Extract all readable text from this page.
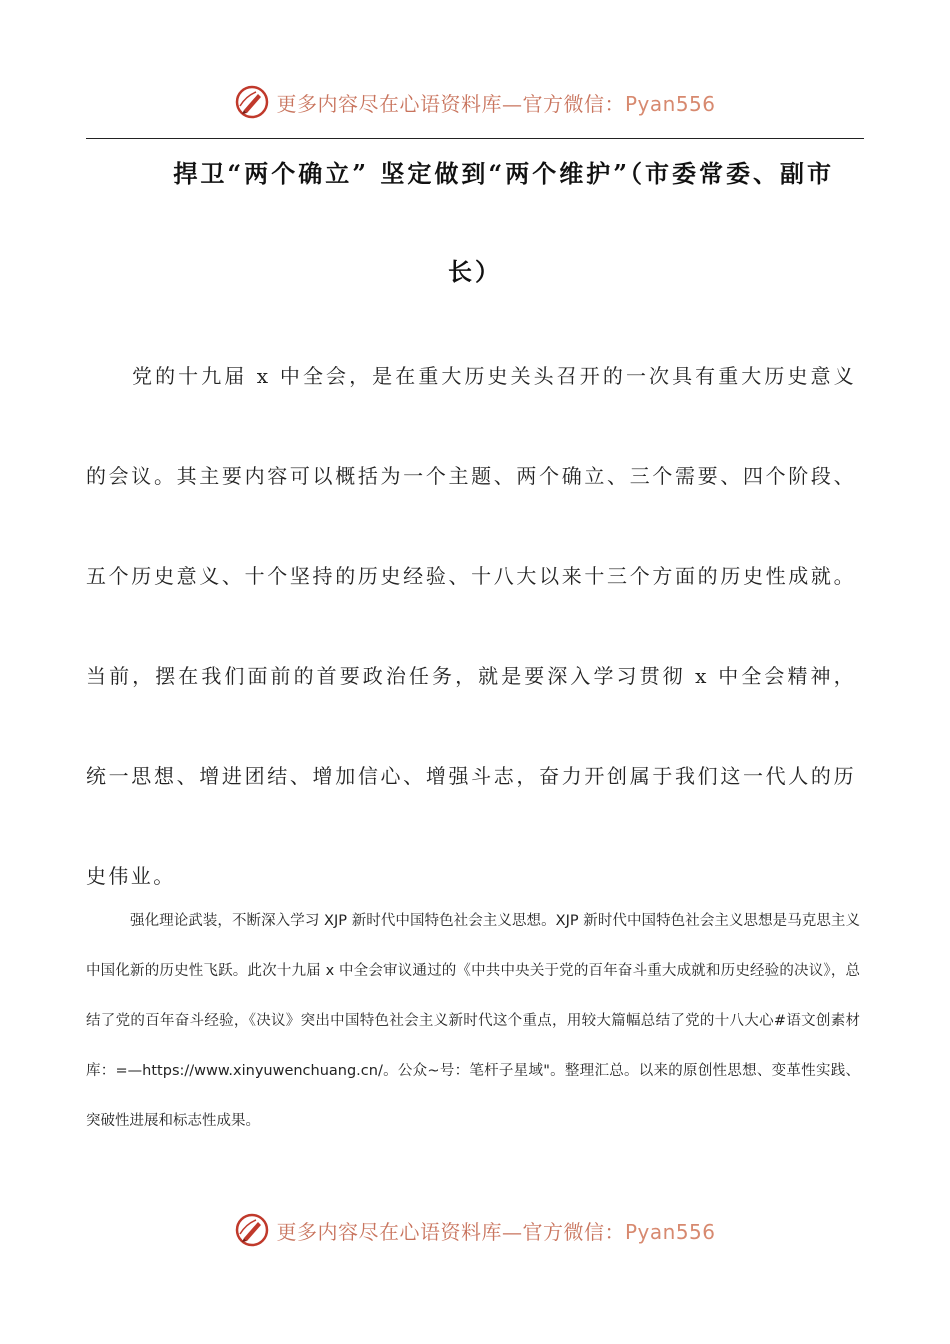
更多内容尽在心语资料库—官方微信：Pyan556
捍卫“两个确立” 坚定做到“两个维护”（市委常委、副市
长）

党的十九届 x 中全会，是在重大历史关头召开的一次具有重大历史意义的会议。其主要内容可以概括为一个主题、两个确立、三个需要、四个阶段、五个历史意义、十个坚持的历史经验、十八大以来十三个方面的历史性成就。当前，摆在我们面前的首要政治任务，就是要深入学习贯彻 x 中全会精神，统一思想、增进团结、增加信心、增强斗志，奋力开创属于我们这一代人的历史伟业。

强化理论武装，不断深入学习 XJP 新时代中国特色社会主义思想。XJP 新时代中国特色社会主义思想是马克思主义中国化新的历史性飞跃。此次十九届 x 中全会审议通过的《中共中央关于党的百年奋斗重大成就和历史经验的决议》，总结了党的百年奋斗经验，《决议》突出中国特色社会主义新时代这个重点，用较大篇幅总结了党的十八大心#语文创素材库：=—https://www.xinyuwenchuang.cn/。公众~号：笔杆子星域"。整理汇总。以来的原创性思想、变革性实践、突破性进展和标志性成果。

更多内容尽在心语资料库—官方微信：Pyan556
